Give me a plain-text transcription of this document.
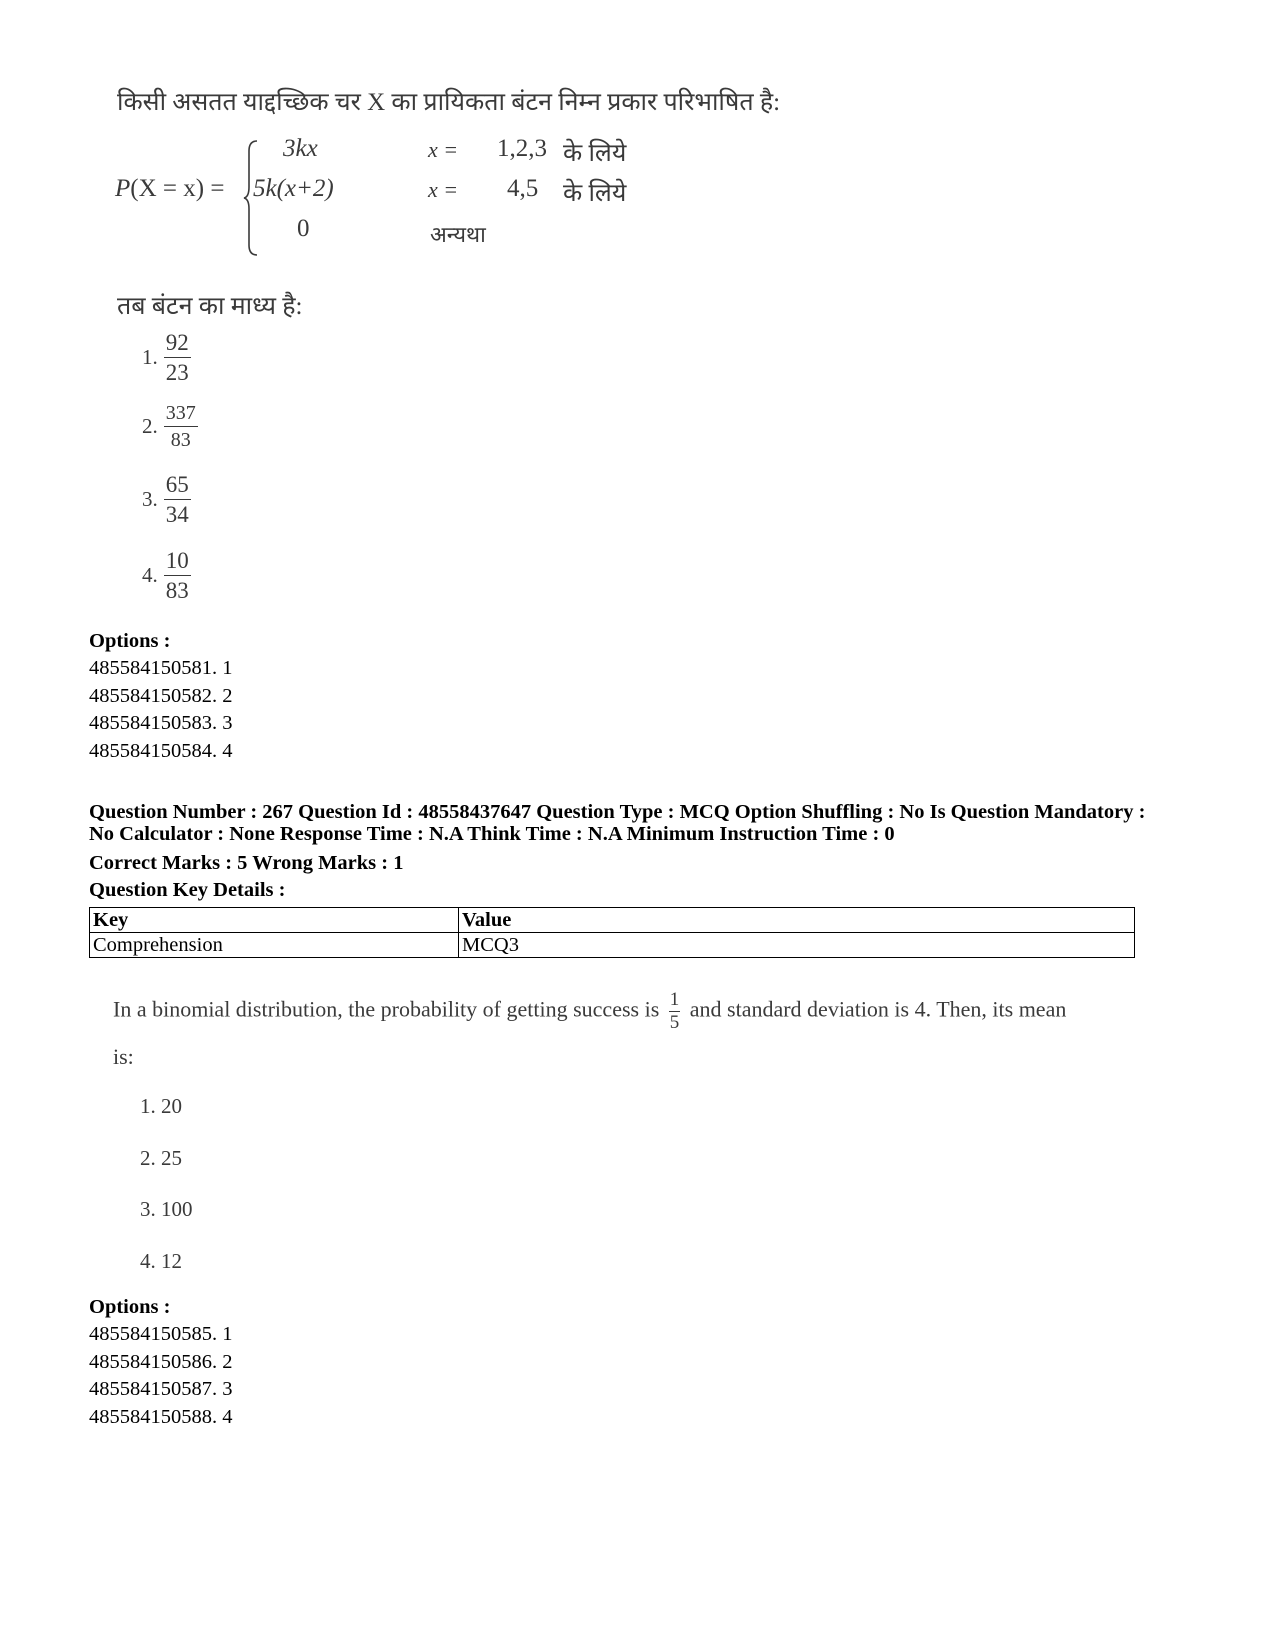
किसी असतत याद्दच्छिक चर X का प्रायिकता बंटन निम्न प्रकार परिभाषित है:
P(X = x) =
3kx	x = 1,2,3 के लिये
5k(x+2)	x = 4,5 के लिये
0	अन्यथा
तब बंटन का माध्य है:
1. $\frac{92}{23}$
2. $\frac{337}{83}$
3. $\frac{65}{34}$
4. $\frac{10}{83}$
Options :
485584150581. 1
485584150582. 2
485584150583. 3
485584150584. 4
Question Number : 267 Question Id : 48558437647 Question Type : MCQ Option Shuffling : No Is Question Mandatory :
No Calculator : None Response Time : N.A Think Time : N.A Minimum Instruction Time : 0
Correct Marks : 5 Wrong Marks : 1
Question Key Details :
Key	Value
Comprehension	MCQ3
In a binomial distribution, the probability of getting success is $\frac{1}{5}$ and standard deviation is 4. Then, its mean
is:
1. 20
2. 25
3. 100
4. 12
Options :
485584150585. 1
485584150586. 2
485584150587. 3
485584150588. 4
